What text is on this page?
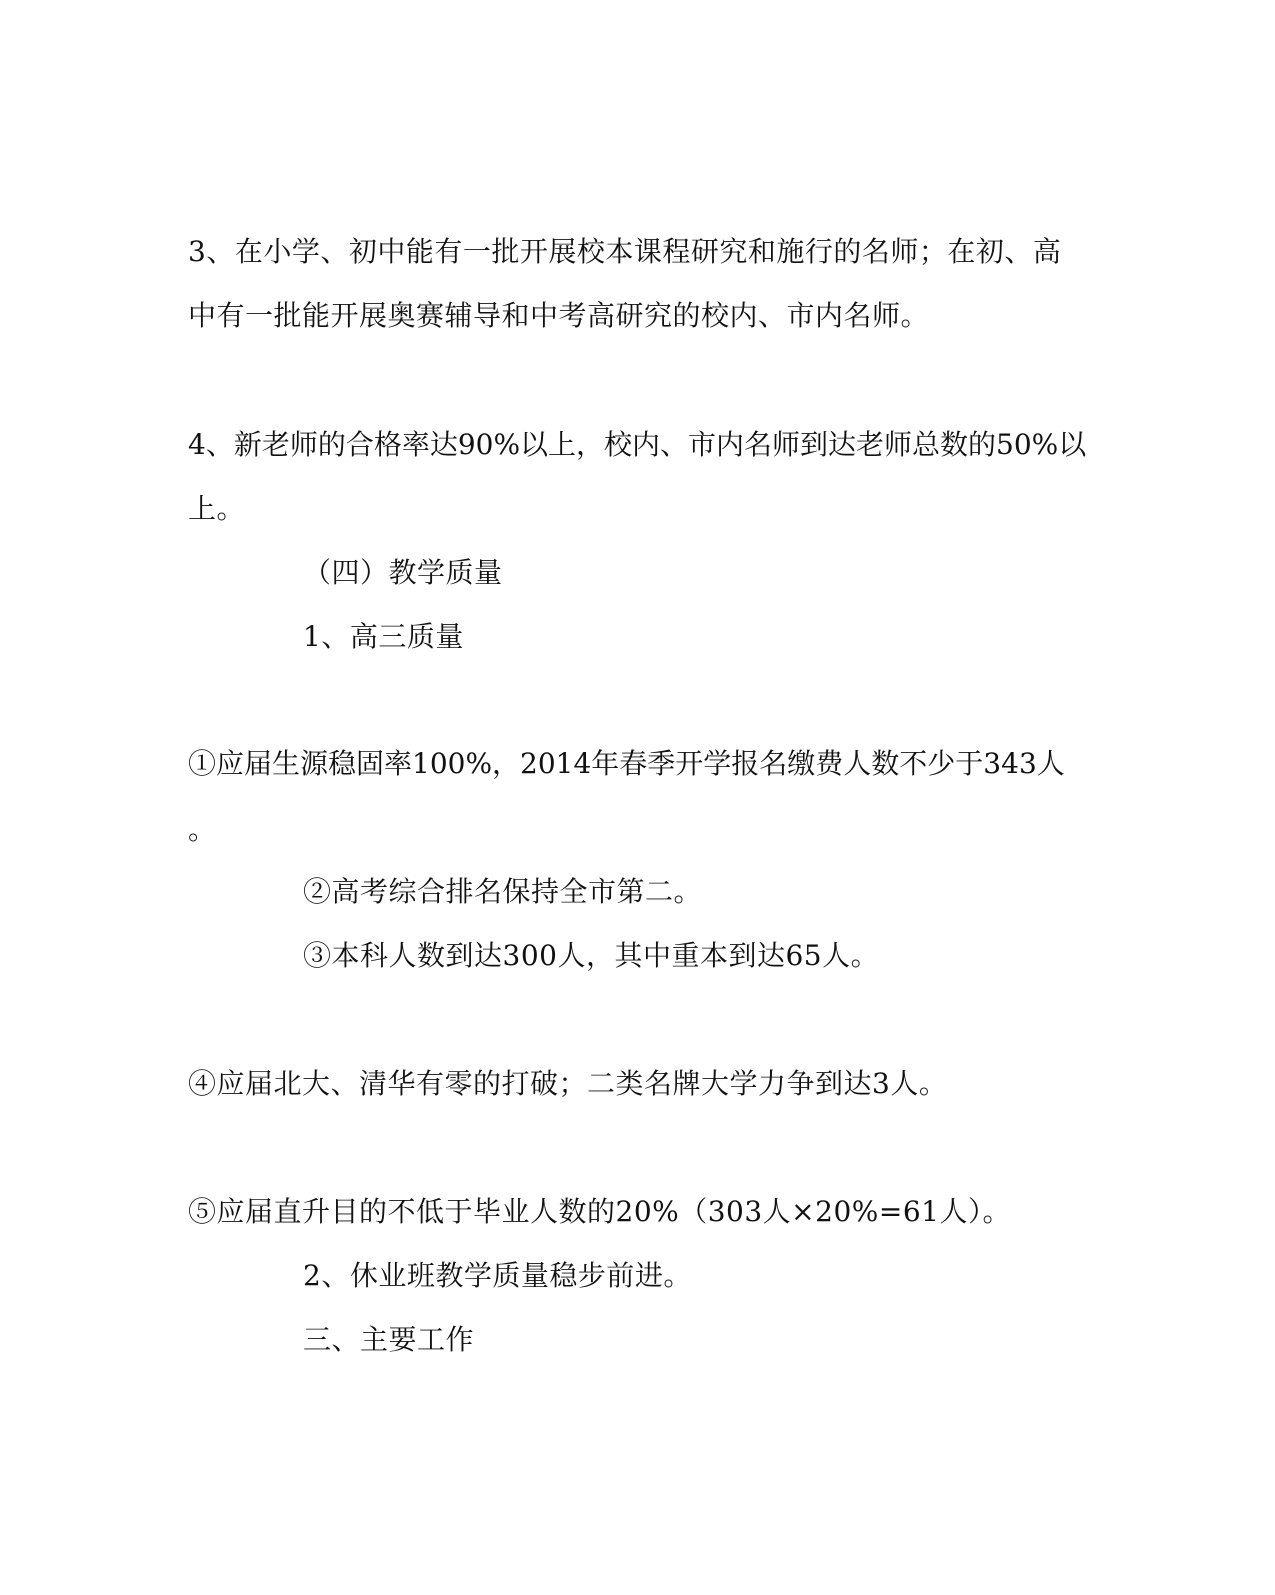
3、在小学、初中能有一批开展校本课程研究和施行的名师；在初、高
中有一批能开展奥赛辅导和中考高研究的校内、市内名师。
4、新老师的合格率达90%以上，校内、市内名师到达老师总数的50%以
上。
（四）教学质量
1、高三质量
①应届生源稳固率100%，2014年春季开学报名缴费人数不少于343人
。
②高考综合排名保持全市第二。
③本科人数到达300人，其中重本到达65人。
④应届北大、清华有零的打破；二类名牌大学力争到达3人。
⑤应届直升目的不低于毕业人数的20%（303人×20%=61人）。
2、休业班教学质量稳步前进。
三、主要工作
